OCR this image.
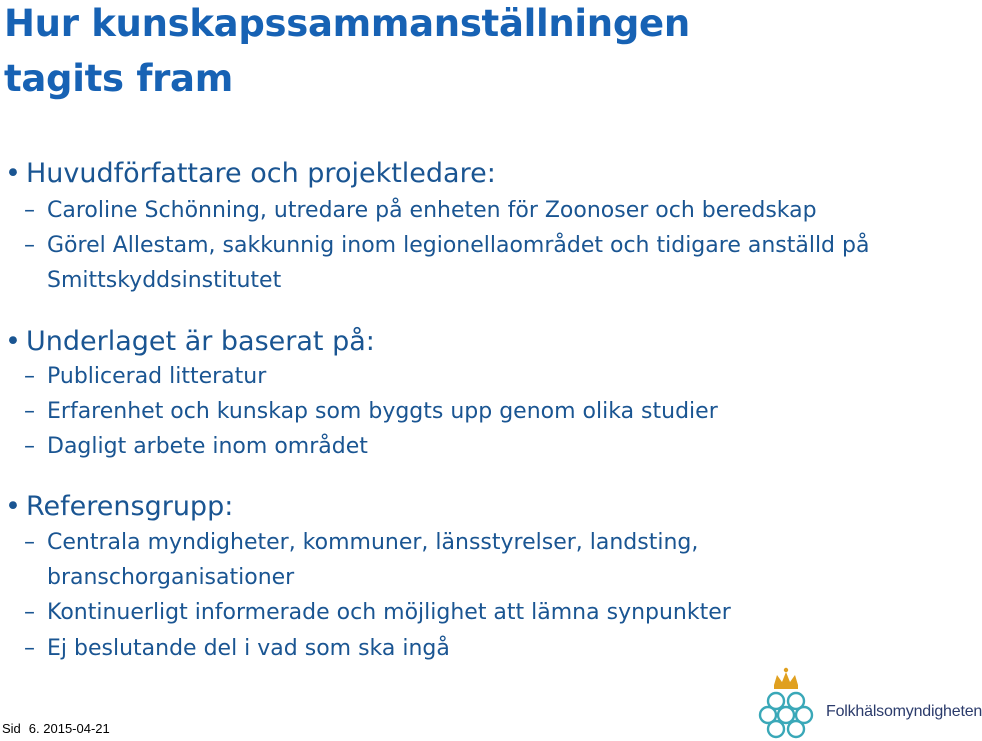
Hur kunskapssammanställningen
tagits fram
• Huvudförfattare och projektledare:
– Caroline Schönning, utredare på enheten för Zoonoser och beredskap
– Görel Allestam, sakkunnig inom legionellaområdet och tidigare anställd på
Smittskyddsinstitutet
• Underlaget är baserat på:
– Publicerad litteratur
– Erfarenhet och kunskap som byggts upp genom olika studier
– Dagligt arbete inom området
• Referensgrupp:
– Centrala myndigheter, kommuner, länsstyrelser, landsting,
branschorganisationer
– Kontinuerligt informerade och möjlighet att lämna synpunkter
– Ej beslutande del i vad som ska ingå
Sid 6. 2015-04-21
Folkhälsomyndigheten
